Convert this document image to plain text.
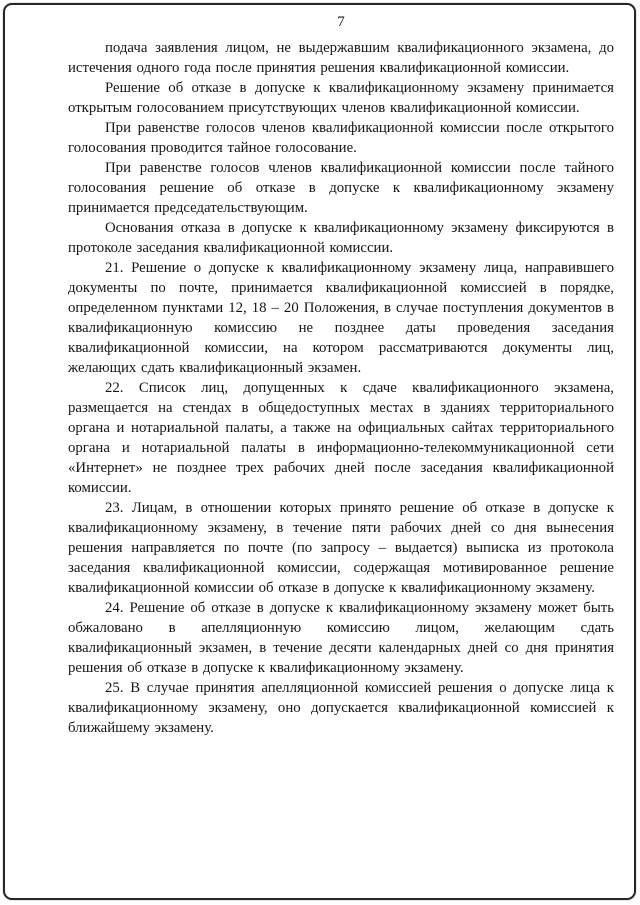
7

подача заявления лицом, не выдержавшим квалификационного экзамена, до истечения одного года после принятия решения квалификационной комиссии.

Решение об отказе в допуске к квалификационному экзамену принимается открытым голосованием присутствующих членов квалификационной комиссии.

При равенстве голосов членов квалификационной комиссии после открытого голосования проводится тайное голосование.

При равенстве голосов членов квалификационной комиссии после тайного голосования решение об отказе в допуске к квалификационному экзамену принимается председательствующим.

Основания отказа в допуске к квалификационному экзамену фиксируются в протоколе заседания квалификационной комиссии.

21. Решение о допуске к квалификационному экзамену лица, направившего документы по почте, принимается квалификационной комиссией в порядке, определенном пунктами 12, 18 – 20 Положения, в случае поступления документов в квалификационную комиссию не позднее даты проведения заседания квалификационной комиссии, на котором рассматриваются документы лиц, желающих сдать квалификационный экзамен.

22. Список лиц, допущенных к сдаче квалификационного экзамена, размещается на стендах в общедоступных местах в зданиях территориального органа и нотариальной палаты, а также на официальных сайтах территориального органа и нотариальной палаты в информационно-телекоммуникационной сети «Интернет» не позднее трех рабочих дней после заседания квалификационной комиссии.

23. Лицам, в отношении которых принято решение об отказе в допуске к квалификационному экзамену, в течение пяти рабочих дней со дня вынесения решения направляется по почте (по запросу – выдается) выписка из протокола заседания квалификационной комиссии, содержащая мотивированное решение квалификационной комиссии об отказе в допуске к квалификационному экзамену.

24. Решение об отказе в допуске к квалификационному экзамену может быть обжаловано в апелляционную комиссию лицом, желающим сдать квалификационный экзамен, в течение десяти календарных дней со дня принятия решения об отказе в допуске к квалификационному экзамену.

25. В случае принятия апелляционной комиссией решения о допуске лица к квалификационному экзамену, оно допускается квалификационной комиссией к ближайшему экзамену.
